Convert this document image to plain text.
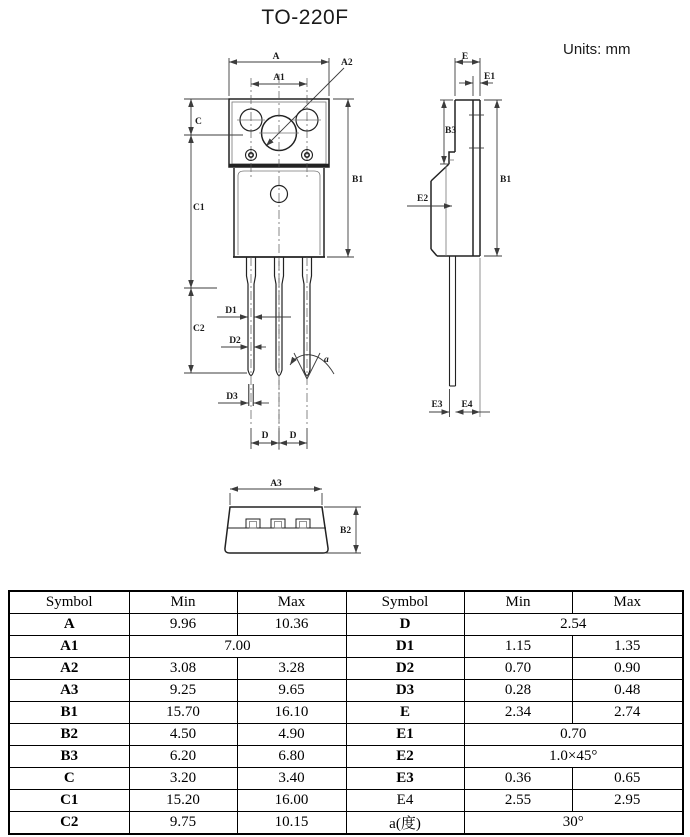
TO-220F
Units: mm
A
A1
A2
D1
D2
D3
a
D D
C
C1
C2
B1
E
E1
B3
E2
B1
E3 E4
A3
B2
Symbol	Min	Max	Symbol	Min	Max
A	9.96	10.36	D	2.54	
A1	7.00		D1	1.15	1.35
A2	3.08	3.28	D2	0.70	0.90
A3	9.25	9.65	D3	0.28	0.48
B1	15.70	16.10	E	2.34	2.74
B2	4.50	4.90	E1	0.70	
B3	6.20	6.80	E2	1.0×45°	
C	3.20	3.40	E3	0.36	0.65
C1	15.20	16.00	E4	2.55	2.95
C2	9.75	10.15	a(度)	30°	
